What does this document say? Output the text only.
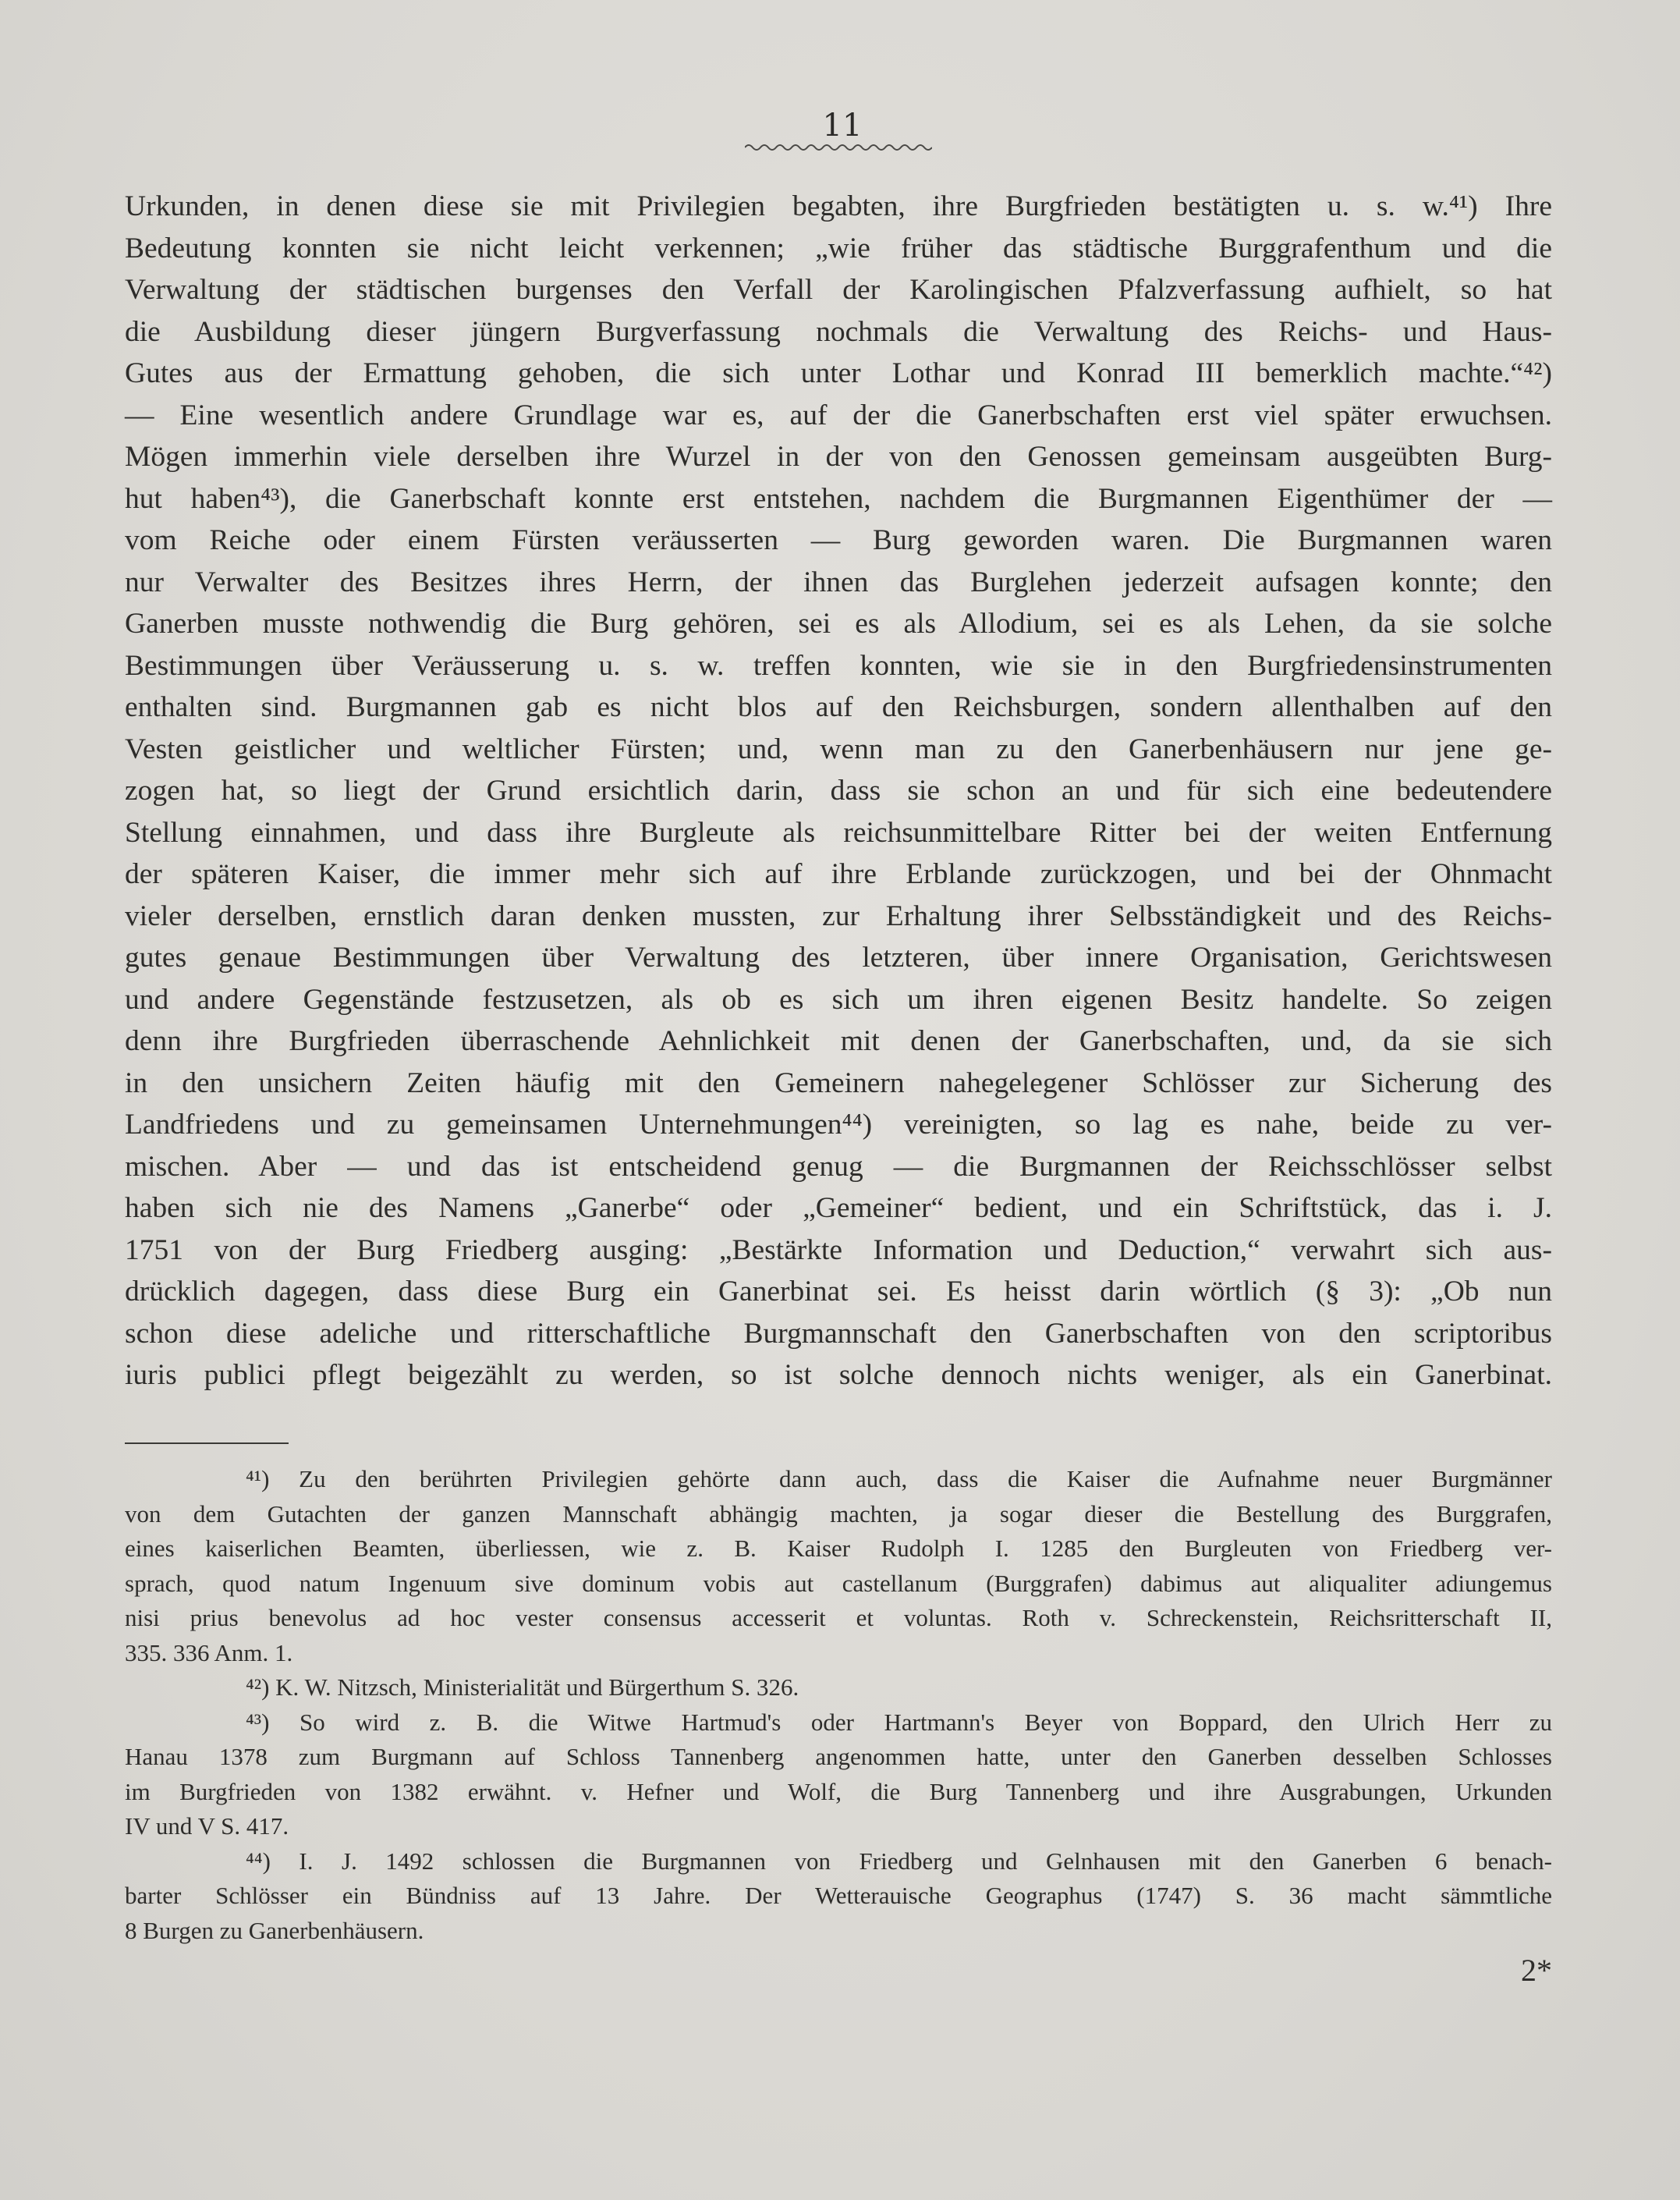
11
Urkunden, in denen diese sie mit Privilegien begabten, ihre Burgfrieden bestätigten u. s. w.⁴¹) Ihre
Bedeutung konnten sie nicht leicht verkennen; „wie früher das städtische Burggrafenthum und die
Verwaltung der städtischen burgenses den Verfall der Karolingischen Pfalzverfassung aufhielt, so hat
die Ausbildung dieser jüngern Burgverfassung nochmals die Verwaltung des Reichs- und Haus-
Gutes aus der Ermattung gehoben, die sich unter Lothar und Konrad III bemerklich machte.“⁴²)
— Eine wesentlich andere Grundlage war es, auf der die Ganerbschaften erst viel später erwuchsen.
Mögen immerhin viele derselben ihre Wurzel in der von den Genossen gemeinsam ausgeübten Burg-
hut haben⁴³), die Ganerbschaft konnte erst entstehen, nachdem die Burgmannen Eigenthümer der —
vom Reiche oder einem Fürsten veräusserten — Burg geworden waren. Die Burgmannen waren
nur Verwalter des Besitzes ihres Herrn, der ihnen das Burglehen jederzeit aufsagen konnte; den
Ganerben musste nothwendig die Burg gehören, sei es als Allodium, sei es als Lehen, da sie solche
Bestimmungen über Veräusserung u. s. w. treffen konnten, wie sie in den Burgfriedensinstrumenten
enthalten sind. Burgmannen gab es nicht blos auf den Reichsburgen, sondern allenthalben auf den
Vesten geistlicher und weltlicher Fürsten; und, wenn man zu den Ganerbenhäusern nur jene ge-
zogen hat, so liegt der Grund ersichtlich darin, dass sie schon an und für sich eine bedeutendere
Stellung einnahmen, und dass ihre Burgleute als reichsunmittelbare Ritter bei der weiten Entfernung
der späteren Kaiser, die immer mehr sich auf ihre Erblande zurückzogen, und bei der Ohnmacht
vieler derselben, ernstlich daran denken mussten, zur Erhaltung ihrer Selbsständigkeit und des Reichs-
gutes genaue Bestimmungen über Verwaltung des letzteren, über innere Organisation, Gerichtswesen
und andere Gegenstände festzusetzen, als ob es sich um ihren eigenen Besitz handelte. So zeigen
denn ihre Burgfrieden überraschende Aehnlichkeit mit denen der Ganerbschaften, und, da sie sich
in den unsichern Zeiten häufig mit den Gemeinern nahegelegener Schlösser zur Sicherung des
Landfriedens und zu gemeinsamen Unternehmungen⁴⁴) vereinigten, so lag es nahe, beide zu ver-
mischen. Aber — und das ist entscheidend genug — die Burgmannen der Reichsschlösser selbst
haben sich nie des Namens „Ganerbe“ oder „Gemeiner“ bedient, und ein Schriftstück, das i. J.
1751 von der Burg Friedberg ausging: „Bestärkte Information und Deduction,“ verwahrt sich aus-
drücklich dagegen, dass diese Burg ein Ganerbinat sei. Es heisst darin wörtlich (§ 3): „Ob nun
schon diese adeliche und ritterschaftliche Burgmannschaft den Ganerbschaften von den scriptoribus
iuris publici pflegt beigezählt zu werden, so ist solche dennoch nichts weniger, als ein Ganerbinat.
⁴¹) Zu den berührten Privilegien gehörte dann auch, dass die Kaiser die Aufnahme neuer Burgmänner
von dem Gutachten der ganzen Mannschaft abhängig machten, ja sogar dieser die Bestellung des Burggrafen,
eines kaiserlichen Beamten, überliessen, wie z. B. Kaiser Rudolph I. 1285 den Burgleuten von Friedberg ver-
sprach, quod natum Ingenuum sive dominum vobis aut castellanum (Burggrafen) dabimus aut aliqualiter adiungemus
nisi prius benevolus ad hoc vester consensus accesserit et voluntas. Roth v. Schreckenstein, Reichsritterschaft II,
335. 336 Anm. 1.
⁴²) K. W. Nitzsch, Ministerialität und Bürgerthum S. 326.
⁴³) So wird z. B. die Witwe Hartmud's oder Hartmann's Beyer von Boppard, den Ulrich Herr zu
Hanau 1378 zum Burgmann auf Schloss Tannenberg angenommen hatte, unter den Ganerben desselben Schlosses
im Burgfrieden von 1382 erwähnt. v. Hefner und Wolf, die Burg Tannenberg und ihre Ausgrabungen, Urkunden
IV und V S. 417.
⁴⁴) I. J. 1492 schlossen die Burgmannen von Friedberg und Gelnhausen mit den Ganerben 6 benach-
barter Schlösser ein Bündniss auf 13 Jahre. Der Wetterauische Geographus (1747) S. 36 macht sämmtliche
8 Burgen zu Ganerbenhäusern.
2*
